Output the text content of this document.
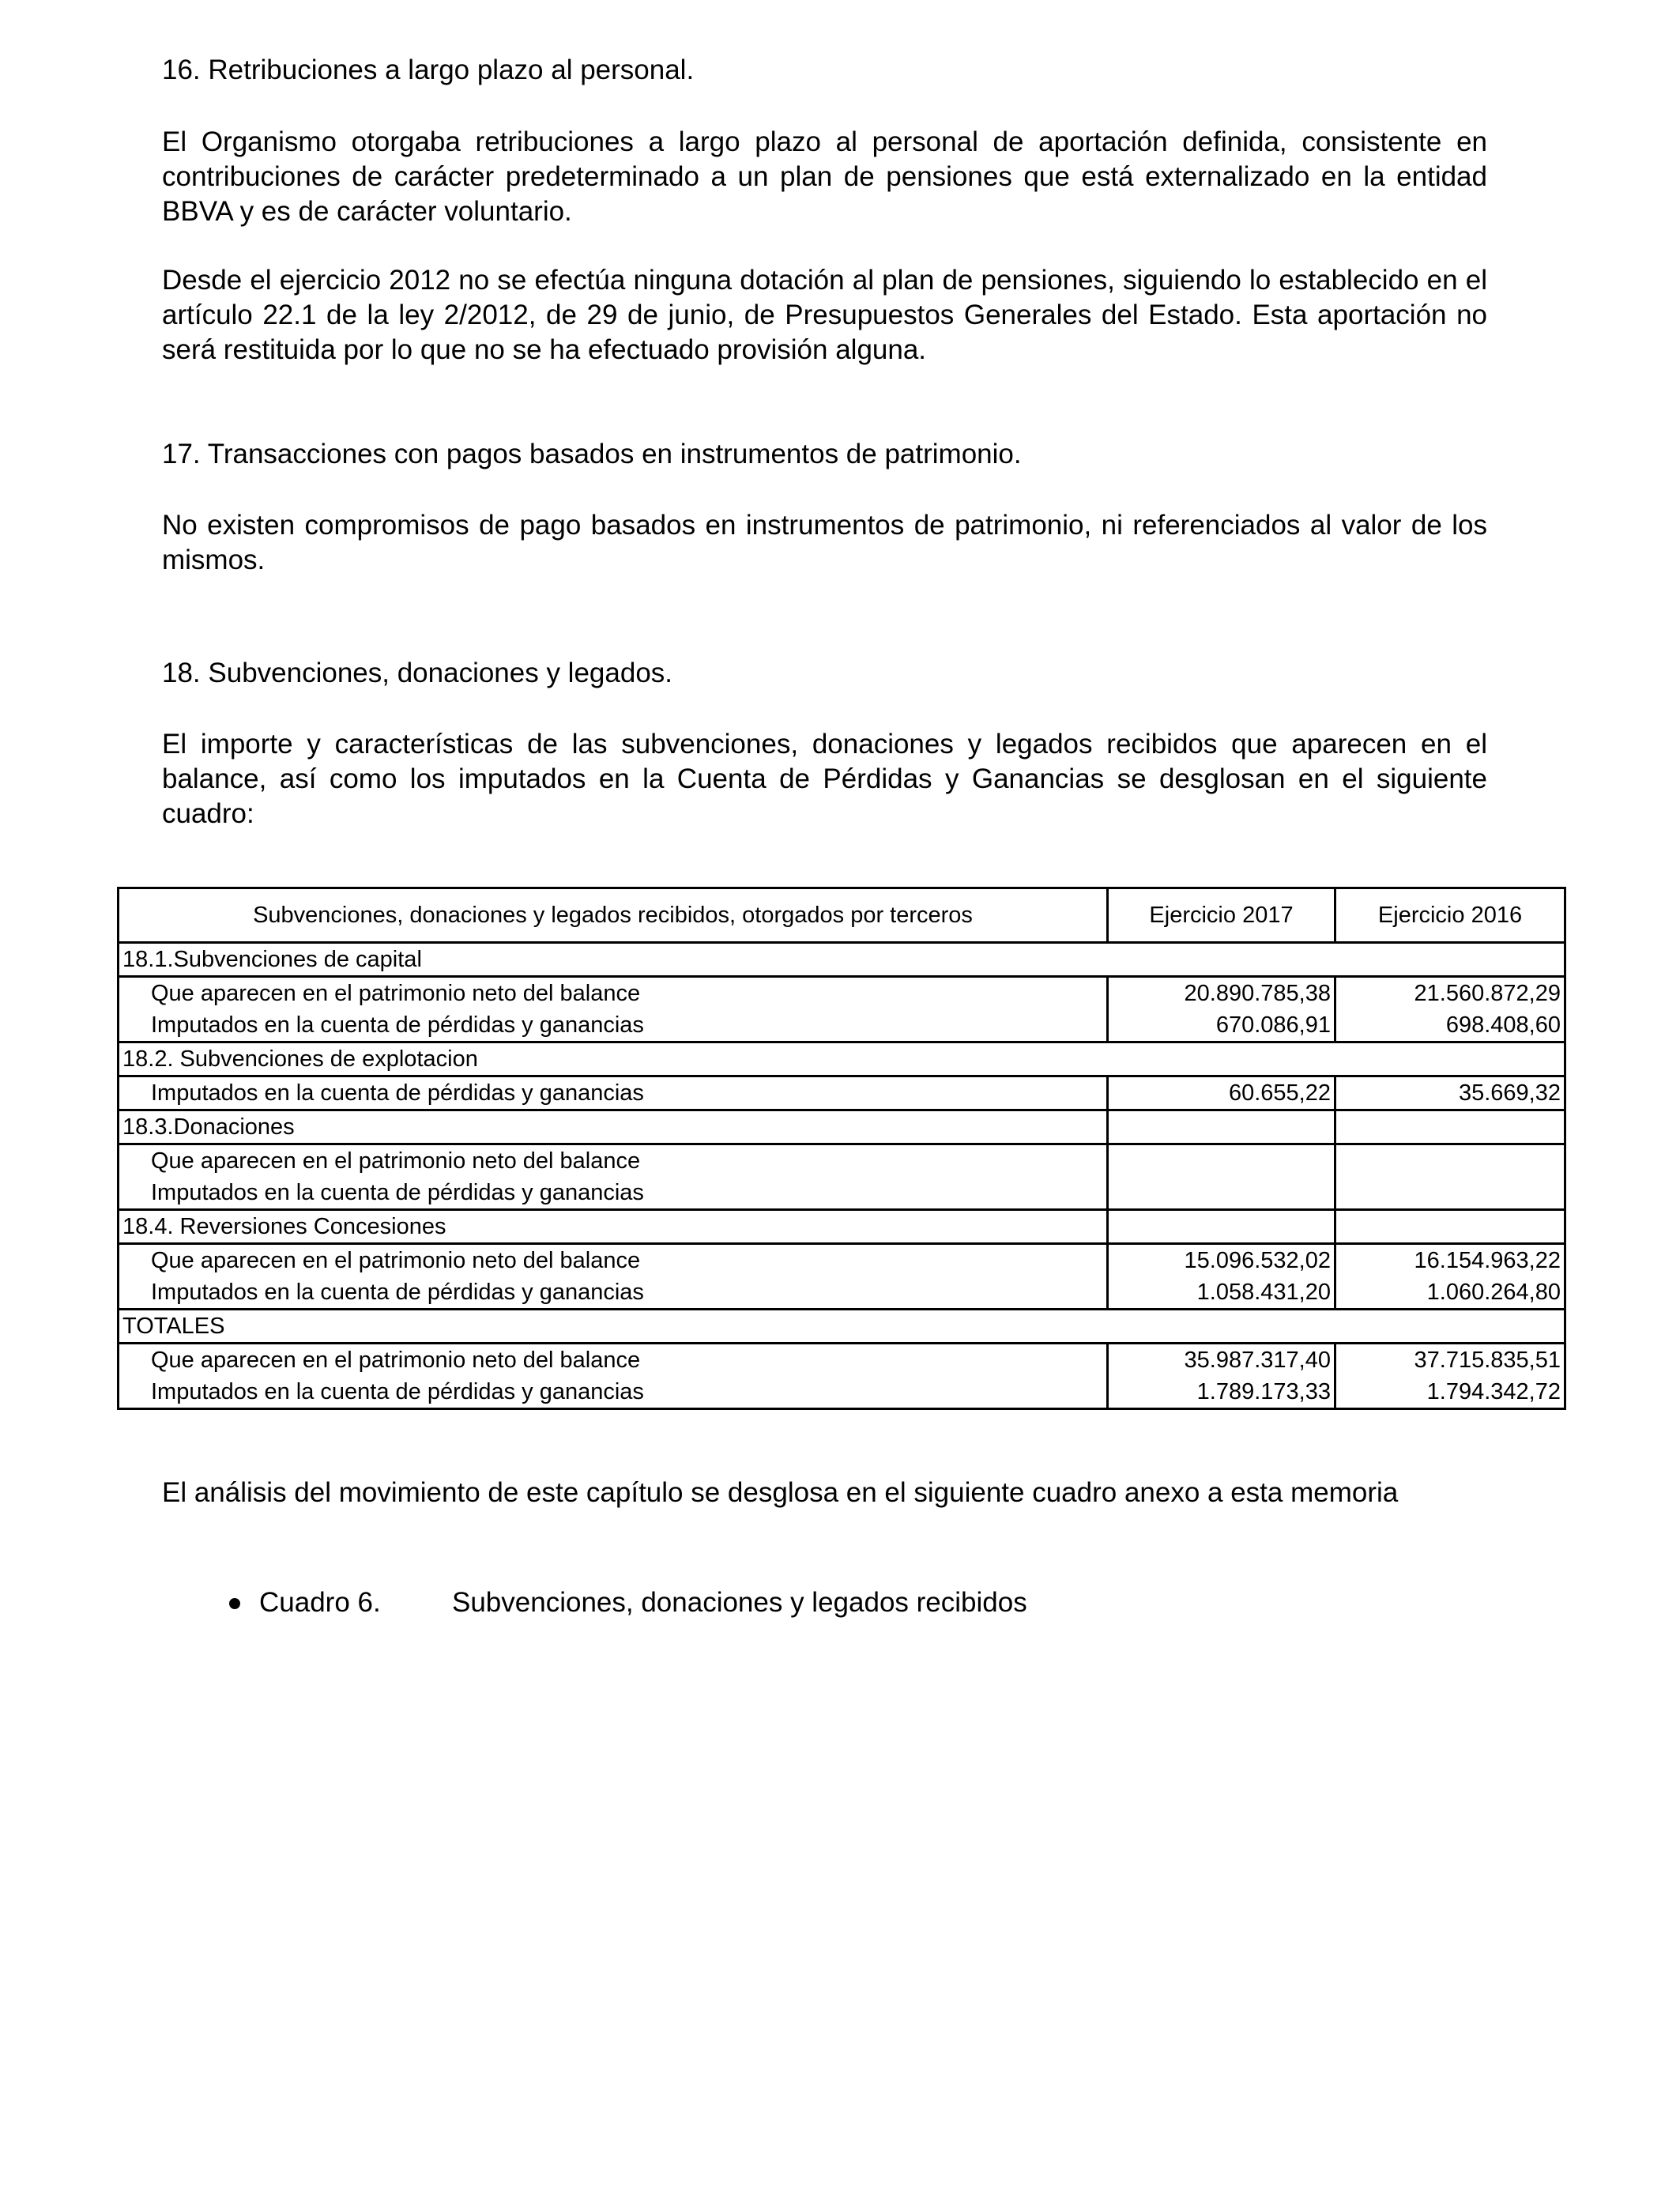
16. Retribuciones a largo plazo al personal.

El Organismo otorgaba retribuciones a largo plazo al personal de aportación definida, consistente en contribuciones de carácter predeterminado a un plan de pensiones que está externalizado en la entidad BBVA y es de carácter voluntario.

Desde el ejercicio 2012 no se efectúa ninguna dotación al plan de pensiones, siguiendo lo establecido en el artículo 22.1 de la ley 2/2012, de 29 de junio, de Presupuestos Generales del Estado. Esta aportación no será restituida por lo que no se ha efectuado provisión alguna.

17. Transacciones con pagos basados en instrumentos de patrimonio.

No existen compromisos de pago basados en instrumentos de patrimonio, ni referenciados al valor de los mismos.

18. Subvenciones, donaciones y legados.

El importe y características de las subvenciones, donaciones y legados recibidos que aparecen en el balance, así como los imputados en la Cuenta de Pérdidas y Ganancias se desglosan en el siguiente cuadro:

Subvenciones, donaciones y legados recibidos, otorgados por terceros	Ejercicio 2017	Ejercicio 2016
18.1.Subvenciones de capital		
Que aparecen en el patrimonio neto del balance	20.890.785,38	21.560.872,29
Imputados en la cuenta de pérdidas y ganancias	670.086,91	698.408,60
18.2. Subvenciones de explotacion		
Imputados en la cuenta de pérdidas y ganancias	60.655,22	35.669,32
18.3.Donaciones		
Que aparecen en el patrimonio neto del balance		
Imputados en la cuenta de pérdidas y ganancias		
18.4. Reversiones Concesiones		
Que aparecen en el patrimonio neto del balance	15.096.532,02	16.154.963,22
Imputados en la cuenta de pérdidas y ganancias	1.058.431,20	1.060.264,80
TOTALES		
Que aparecen en el patrimonio neto del balance	35.987.317,40	37.715.835,51
Imputados en la cuenta de pérdidas y ganancias	1.789.173,33	1.794.342,72

El análisis del movimiento de este capítulo se desglosa en el siguiente cuadro anexo a esta memoria

Cuadro 6.	Subvenciones, donaciones y legados recibidos
